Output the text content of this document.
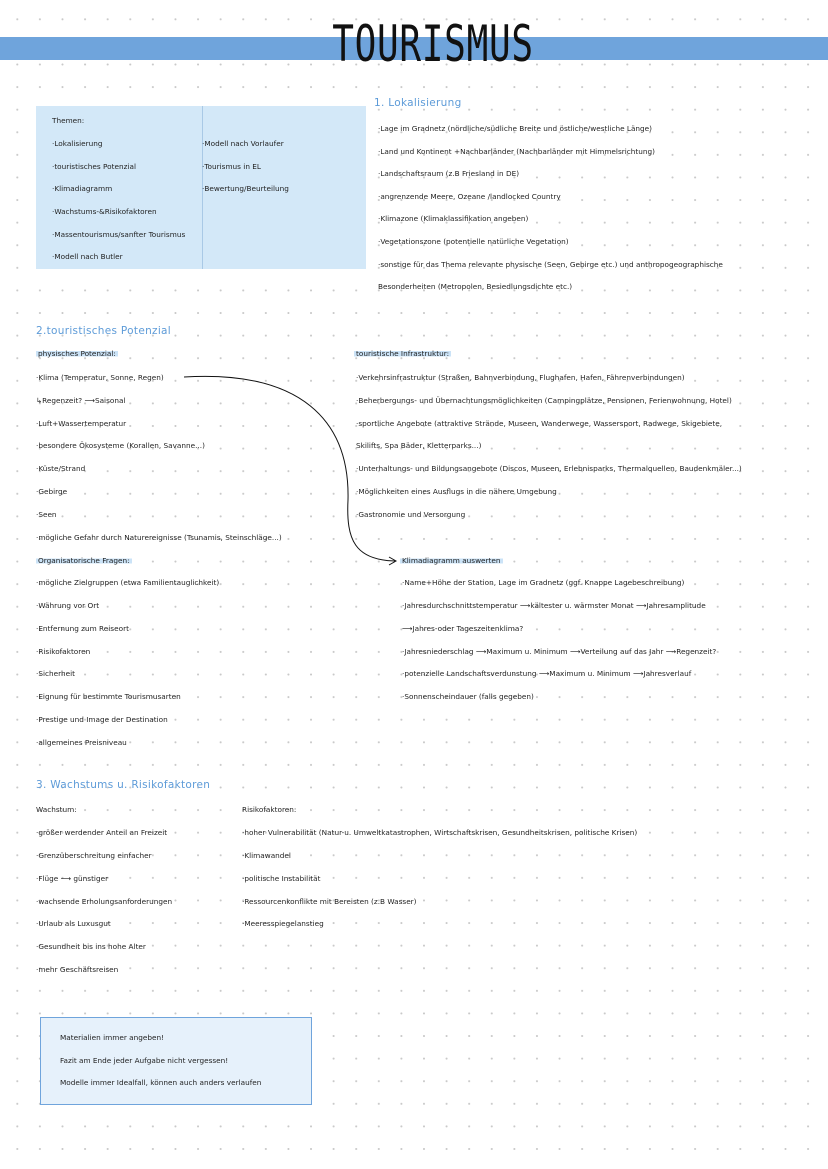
TOURISMUS
Themen:
·Lokalisierung
·touristisches Potenzial
·Klimadiagramm
·Wachstums-&Risikofaktoren
·Massentourismus/sanfter Tourismus
·Modell nach Butler
·Modell nach Vorlaufer
·Tourismus in EL
·Bewertung/Beurteilung
1. Lokalisierung
·Lage im Gradnetz (nördliche/südliche Breite und östliche/westliche Länge)
·Land und Kontinent +Nachbarländer (Nachbarländer mit Himmelsrichtung)
·Landschaftsraum (z.B Friesland in DE)
·angrenzende Meere, Ozeane /landlocked Country
·Klimazone (Klimaklassifikation angeben)
·Vegetationszone (potentielle natürliche Vegetation)
·sonstige für das Thema relevante physische (Seen, Gebirge etc.) und anthropogeographische
Besonderheiten (Metropolen, Besiedlungsdichte etc.)
2.touristisches Potenzial
physisches Potenzial:
·Klima (Temperatur, Sonne, Regen)
↳Regenzeit? ⟶Saisonal
·Luft+Wassertemperatur
·besondere Ökosysteme (Korallen, Savanne...)
·Küste/Strand
·Gebirge
·Seen
·mögliche Gefahr durch Naturereignisse (Tsunamis, Steinschläge...)
Organisatorische Fragen:
·mögliche Zielgruppen (etwa Familientauglichkeit)
·Währung vor Ort
·Entfernung zum Reiseort
·Risikofaktoren
·Sicherheit
·Eignung für bestimmte Tourismusarten
·Prestige und Image der Destination
·allgemeines Preisniveau
touristische Infrastruktur:
·Verkehrsinfrastruktur (Straßen, Bahnverbindung, Flughafen, Hafen, Fährenverbindungen)
·Beherbergungs- und Übernachtungsmöglichkeiten (Campingplätze, Pensionen, Ferienwohnung, Hotel)
·sportliche Angebote (attraktive Strände, Museen, Wanderwege, Wassersport, Radwege, Skigebiete,
Skilifts, Spa Bäder, Kletterparks...)
·Unterhaltungs- und Bildungsangebote (Discos, Museen, Erlebnisparks, Thermalquellen, Baudenkmäler...)
·Möglichkeiten eines Ausflugs in die nähere Umgebung
·Gastronomie und Versorgung
Klimadiagramm auswerten
·Name+Höhe der Station, Lage im Gradnetz (ggf. Knappe Lagebeschreibung)
·Jahresdurchschnittstemperatur ⟶kältester u. wärmster Monat ⟶Jahresamplitude
⟶Jahres-oder Tageszeitenklima?
·Jahresniederschlag ⟶Maximum u. Minimum ⟶Verteilung auf das Jahr ⟶Regenzeit?
·potenzielle Landschaftsverdunstung ⟶Maximum u. Minimum ⟶Jahresverlauf
·Sonnenscheindauer (falls gegeben)
3. Wachstums u. Risikofaktoren
Wachstum:
·größer werdender Anteil an Freizeit
·Grenzüberschreitung einfacher
·Flüge ⟶ günstiger
·wachsende Erholungsanforderungen
·Urlaub als Luxusgut
·Gesundheit bis ins hohe Alter
·mehr Geschäftsreisen
Risikofaktoren:
·hoher Vulnerabilität (Natur-u. Umweltkatastrophen, Wirtschaftskrisen, Gesundheitskrisen, politische Krisen)
·Klimawandel
·politische Instabilität
·Ressourcenkonflikte mit Bereisten (z.B Wasser)
·Meeresspiegelanstieg
Materialien immer angeben!
Fazit am Ende jeder Aufgabe nicht vergessen!
Modelle immer Idealfall, können auch anders verlaufen
